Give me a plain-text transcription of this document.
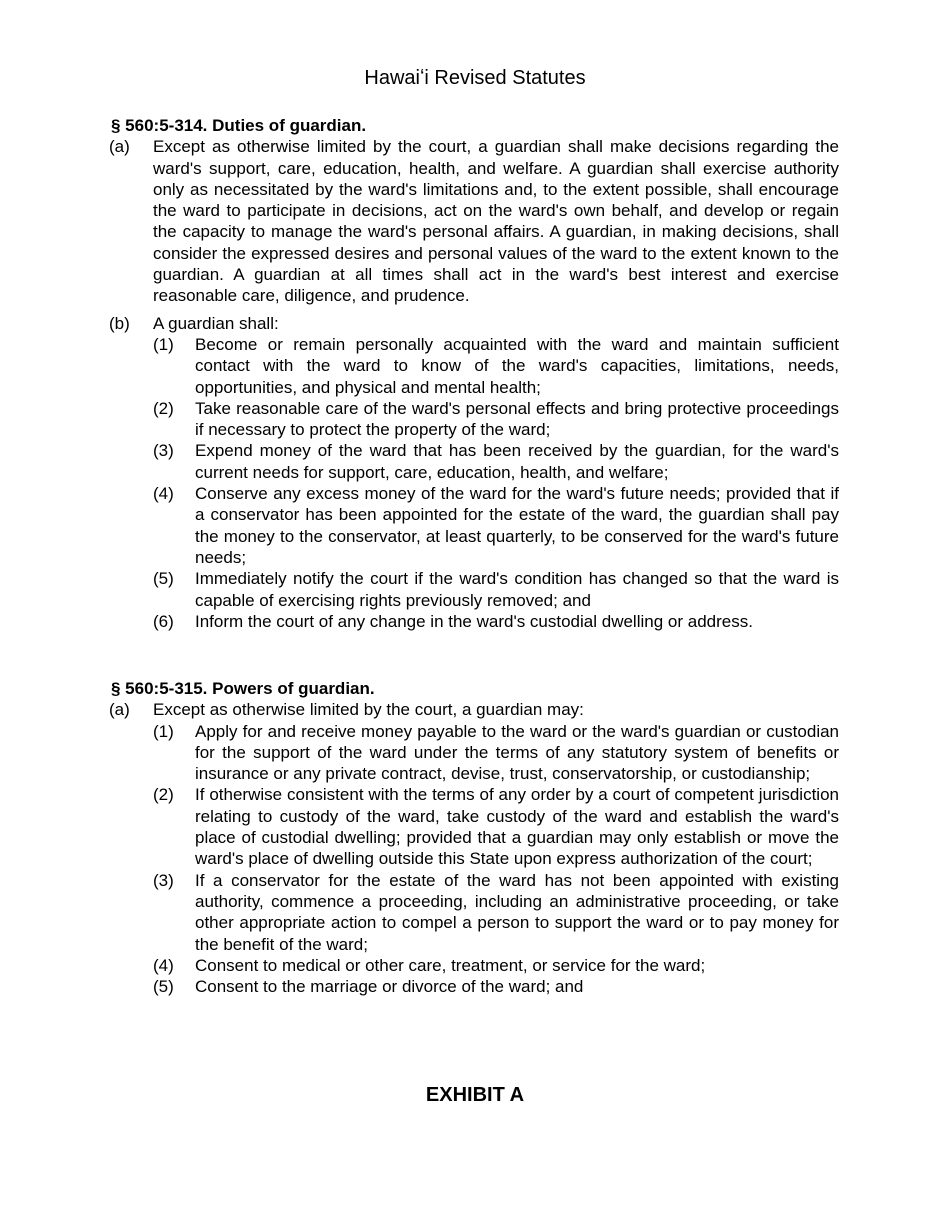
Hawaiʻi Revised Statutes

§ 560:5-314. Duties of guardian.

(a) Except as otherwise limited by the court, a guardian shall make decisions regarding the ward's support, care, education, health, and welfare. A guardian shall exercise authority only as necessitated by the ward's limitations and, to the extent possible, shall encourage the ward to participate in decisions, act on the ward's own behalf, and develop or regain the capacity to manage the ward's personal affairs. A guardian, in making decisions, shall consider the expressed desires and personal values of the ward to the extent known to the guardian. A guardian at all times shall act in the ward's best interest and exercise reasonable care, diligence, and prudence.
(b) A guardian shall:
(1) Become or remain personally acquainted with the ward and maintain sufficient contact with the ward to know of the ward's capacities, limitations, needs, opportunities, and physical and mental health;
(2) Take reasonable care of the ward's personal effects and bring protective proceedings if necessary to protect the property of the ward;
(3) Expend money of the ward that has been received by the guardian, for the ward's current needs for support, care, education, health, and welfare;
(4) Conserve any excess money of the ward for the ward's future needs; provided that if a conservator has been appointed for the estate of the ward, the guardian shall pay the money to the conservator, at least quarterly, to be conserved for the ward's future needs;
(5) Immediately notify the court if the ward's condition has changed so that the ward is capable of exercising rights previously removed; and
(6) Inform the court of any change in the ward's custodial dwelling or address.

§ 560:5-315. Powers of guardian.

(a) Except as otherwise limited by the court, a guardian may:
(1) Apply for and receive money payable to the ward or the ward's guardian or custodian for the support of the ward under the terms of any statutory system of benefits or insurance or any private contract, devise, trust, conservatorship, or custodianship;
(2) If otherwise consistent with the terms of any order by a court of competent jurisdiction relating to custody of the ward, take custody of the ward and establish the ward's place of custodial dwelling; provided that a guardian may only establish or move the ward's place of dwelling outside this State upon express authorization of the court;
(3) If a conservator for the estate of the ward has not been appointed with existing authority, commence a proceeding, including an administrative proceeding, or take other appropriate action to compel a person to support the ward or to pay money for the benefit of the ward;
(4) Consent to medical or other care, treatment, or service for the ward;
(5) Consent to the marriage or divorce of the ward; and
EXHIBIT A
